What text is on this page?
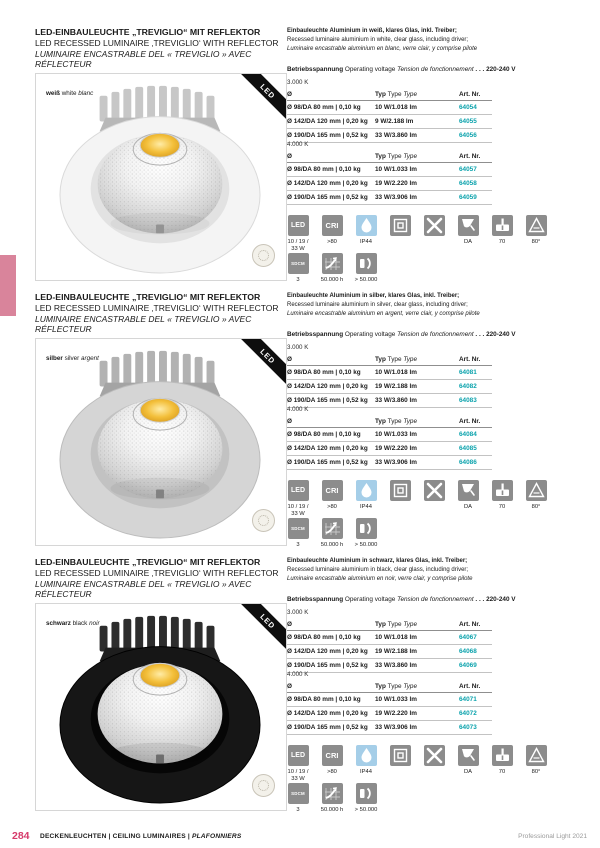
LED-EINBAULEUCHTE „TREVIGLIO“ MIT REFLEKTOR
LED RECESSED LUMINAIRE ‚TREVIGLIO‘ WITH REFLECTOR
LUMINAIRE ENCASTRABLE DEL « TREVIGLIO » AVEC RÉFLECTEUR
weiß white blanc	LED
Einbauleuchte Aluminium in weiß, klares Glas, inkl. Treiber;
Recessed luminaire aluminium in white, clear glass, including driver;
Luminaire encastrable aluminium en blanc, verre clair, y comprise pilote
Betriebsspannung Operating voltage Tension de fonctionnement . . . 220-240 V
3.000 K
Ø	Typ Type Type	Art. Nr.
Ø 98/DA 80 mm | 0,10 kg	10 W/1.018 lm	64054
Ø 142/DA 120 mm | 0,20 kg	9 W/2.188 lm	64055
Ø 190/DA 165 mm | 0,52 kg	33 W/3.860 lm	64056
4.000 K
Ø	Typ Type Type	Art. Nr.
Ø 98/DA 80 mm | 0,10 kg	10 W/1.033 lm	64057
Ø 142/DA 120 mm | 0,20 kg	19 W/2.220 lm	64058
Ø 190/DA 165 mm | 0,52 kg	33 W/3.906 lm	64059
LED
10 / 19 /
33 W
CRI
>80	IP44	DA	70	80°
SDCM
3	50.000 h > 50.000
LED-EINBAULEUCHTE „TREVIGLIO“ MIT REFLEKTOR
LED RECESSED LUMINAIRE ‚TREVIGLIO‘ WITH REFLECTOR
LUMINAIRE ENCASTRABLE DEL « TREVIGLIO » AVEC RÉFLECTEUR
silber silver argent	LED
Einbauleuchte Aluminium in silber, klares Glas, inkl. Treiber;
Recessed luminaire aluminium in silver, clear glass, including driver;
Luminaire encastrable aluminium en argent, verre clair, y comprise pilote
Betriebsspannung Operating voltage Tension de fonctionnement . . . 220-240 V
3.000 K
Ø	Typ Type Type	Art. Nr.
Ø 98/DA 80 mm | 0,10 kg	10 W/1.018 lm	64081
Ø 142/DA 120 mm | 0,20 kg	19 W/2.188 lm	64082
Ø 190/DA 165 mm | 0,52 kg	33 W/3.860 lm	64083
4.000 K
Ø	Typ Type Type	Art. Nr.
Ø 98/DA 80 mm | 0,10 kg	10 W/1.033 lm	64084
Ø 142/DA 120 mm | 0,20 kg	19 W/2.220 lm	64085
Ø 190/DA 165 mm | 0,52 kg	33 W/3.906 lm	64086
LED
10 / 19 /
33 W
CRI
>80	IP44	DA	70	80°
SDCM
3	50.000 h > 50.000
LED-EINBAULEUCHTE „TREVIGLIO“ MIT REFLEKTOR
LED RECESSED LUMINAIRE ‚TREVIGLIO‘ WITH REFLECTOR
LUMINAIRE ENCASTRABLE DEL « TREVIGLIO » AVEC RÉFLECTEUR
schwarz black noir	LED
Einbauleuchte Aluminium in schwarz, klares Glas, inkl. Treiber;
Recessed luminaire aluminium in black, clear glass, including driver;
Luminaire encastrable aluminium en noir, verre clair, y comprise pilote
Betriebsspannung Operating voltage Tension de fonctionnement . . . 220-240 V
3.000 K
Ø	Typ Type Type	Art. Nr.
Ø 98/DA 80 mm | 0,10 kg	10 W/1.018 lm	64067
Ø 142/DA 120 mm | 0,20 kg	19 W/2.188 lm	64068
Ø 190/DA 165 mm | 0,52 kg	33 W/3.860 lm	64069
4.000 K
Ø	Typ Type Type	Art. Nr.
Ø 98/DA 80 mm | 0,10 kg	10 W/1.033 lm	64071
Ø 142/DA 120 mm | 0,20 kg	19 W/2.220 lm	64072
Ø 190/DA 165 mm | 0,52 kg	33 W/3.906 lm	64073
LED
10 / 19 /
33 W
CRI
>80	IP44	DA	70	80°
SDCM
3	50.000 h > 50.000
284 DECKENLEUCHTEN | CEILING LUMINAIRES | PLAFONNIERS	Professional Light 2021
